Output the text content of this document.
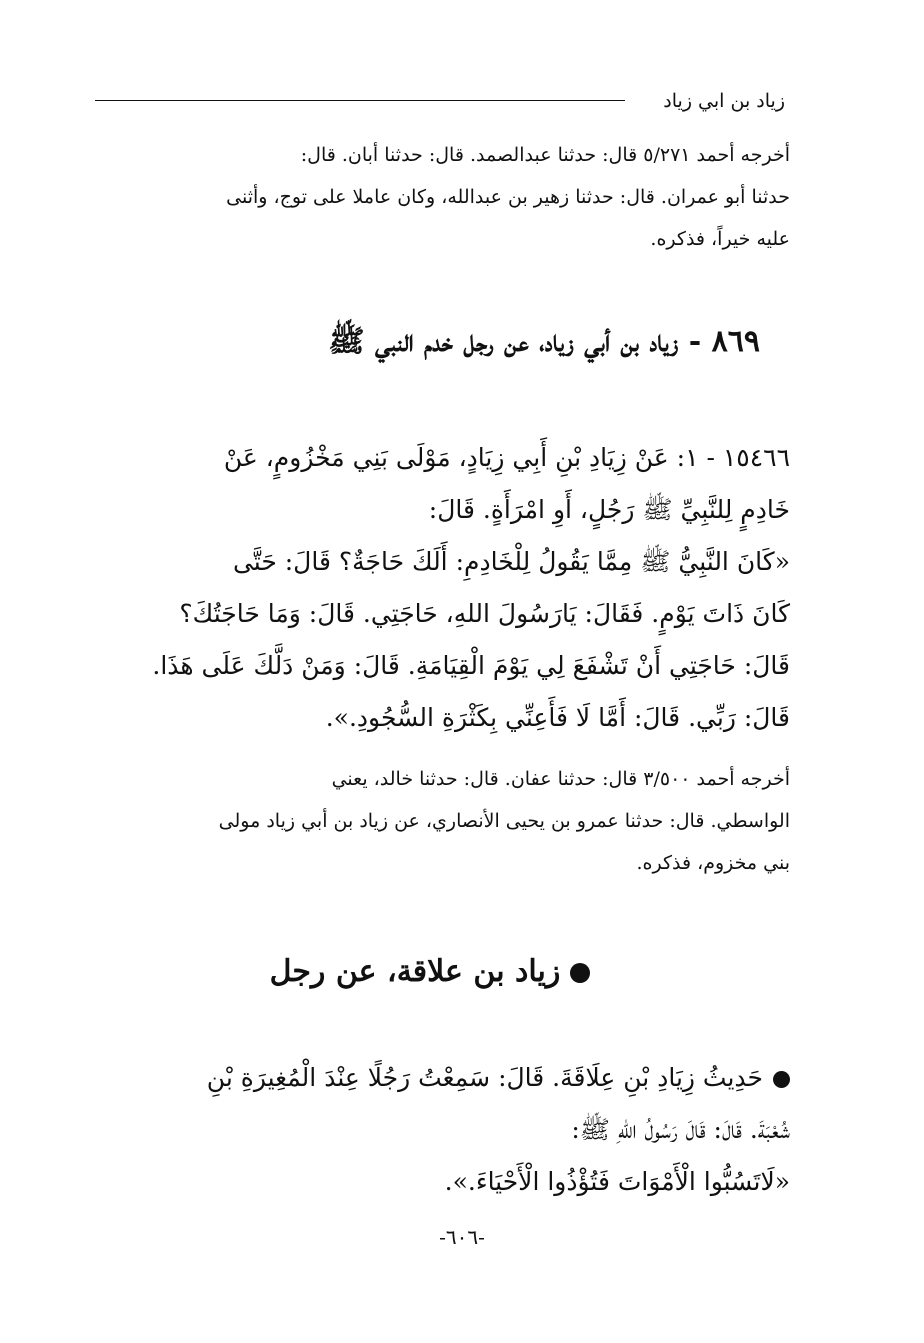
زياد بن ابي زياد
أخرجه أحمد ٥/٢٧١ قال: حدثنا عبدالصمد. قال: حدثنا أبان. قال:
حدثنا أبو عمران. قال: حدثنا زهير بن عبدالله، وكان عاملا على توج، وأثنى
عليه خيراً، فذكره.
٨٦٩ - زياد بن أبي زياد، عن رجل خدم النبي ﷺ
١٥٤٦٦ - ١: عَنْ زِيَادِ بْنِ أَبِي زِيَادٍ، مَوْلَى بَنِي مَخْزُومٍ، عَنْ
خَادِمٍ لِلنَّبِيِّ ﷺ رَجُلٍ، أَوِ امْرَأَةٍ. قَالَ:
«كَانَ النَّبِيُّ ﷺ مِمَّا يَقُولُ لِلْخَادِمِ: أَلَكَ حَاجَةٌ؟ قَالَ: حَتَّى
كَانَ ذَاتَ يَوْمٍ. فَقَالَ: يَارَسُولَ اللهِ، حَاجَتِي. قَالَ: وَمَا حَاجَتُكَ؟
قَالَ: حَاجَتِي أَنْ تَشْفَعَ لِي يَوْمَ الْقِيَامَةِ. قَالَ: وَمَنْ دَلَّكَ عَلَى هَذَا.
قَالَ: رَبِّي. قَالَ: أَمَّا لَا فَأَعِنِّي بِكَثْرَةِ السُّجُودِ.».
أخرجه أحمد ٣/٥٠٠ قال: حدثنا عفان. قال: حدثنا خالد، يعني
الواسطي. قال: حدثنا عمرو بن يحيى الأنصاري، عن زياد بن أبي زياد مولى
بني مخزوم، فذكره.
زياد بن علاقة، عن رجل
حَدِيثُ زِيَادِ بْنِ عِلَاقَةَ. قَالَ: سَمِعْتُ رَجُلًا عِنْدَ الْمُغِيرَةِ بْنِ
شُعْبَةَ. قَالَ: قَالَ رَسُولُ اللهِ ﷺ:
«لَاتَسُبُّوا الْأَمْوَاتَ فَتُؤْذُوا الْأَحْيَاءَ.».
-٦٠٦-
